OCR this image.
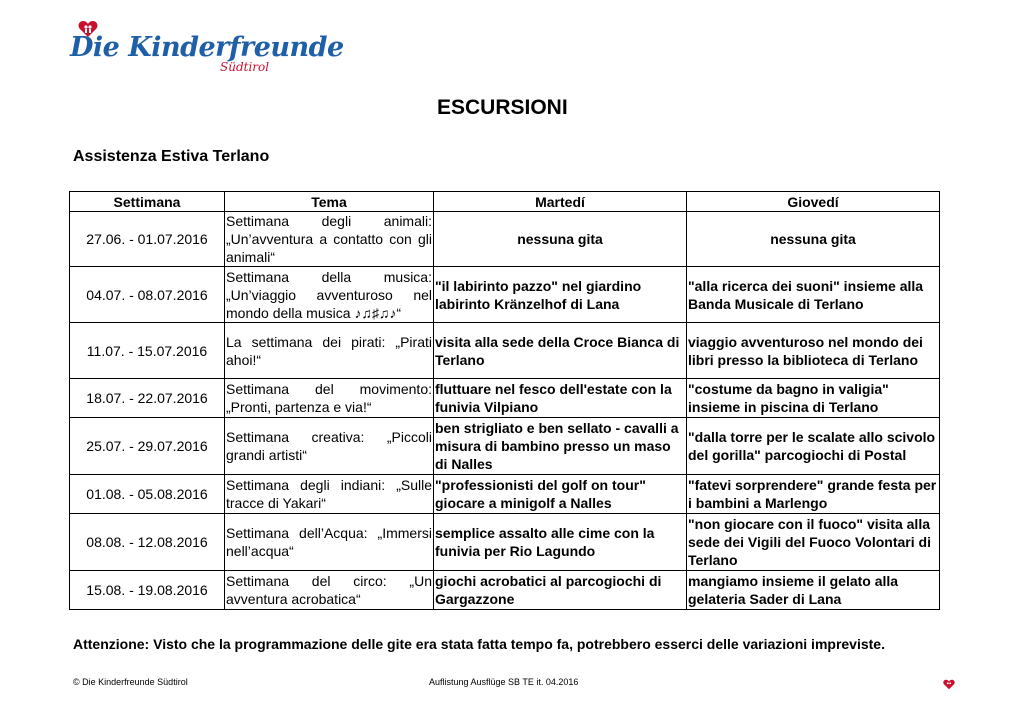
Die Kinderfreunde
Südtirol
ESCURSIONI
Assistenza Estiva Terlano
Settimana	Tema	Martedí	Giovedí
27.06. - 01.07.2016	Settimana degli animali: „Un’avventura a contatto con gli animali“	nessuna gita	nessuna gita
04.07. - 08.07.2016	Settimana della musica: „Un’viaggio avventuroso nel mondo della musica ♪♫♯♫♪“	"il labirinto pazzo" nel giardino labirinto Kränzelhof di Lana	"alla ricerca dei suoni" insieme alla Banda Musicale di Terlano
11.07. - 15.07.2016	La settimana dei pirati: „Pirati ahoi!“	visita alla sede della Croce Bianca di Terlano	viaggio avventuroso nel mondo dei libri presso la biblioteca di Terlano
18.07. - 22.07.2016	Settimana del movimento: „Pronti, partenza e via!“	fluttuare nel fesco dell'estate con la funivia Vilpiano	"costume da bagno in valigia" insieme in piscina di Terlano
25.07. - 29.07.2016	Settimana creativa: „Piccoli grandi artisti“	ben strigliato e ben sellato - cavalli a misura di bambino presso un maso di Nalles	"dalla torre per le scalate allo scivolo del gorilla" parcogiochi di Postal
01.08. - 05.08.2016	Settimana degli indiani: „Sulle tracce di Yakari“	"professionisti del golf on tour" giocare a minigolf a Nalles	"fatevi sorprendere" grande festa per i bambini a Marlengo
08.08. - 12.08.2016	Settimana dell’Acqua: „Immersi nell’acqua“	semplice assalto alle cime con la funivia per Rio Lagundo	"non giocare con il fuoco" visita alla sede dei Vigili del Fuoco Volontari di Terlano
15.08. - 19.08.2016	Settimana del circo: „Un avventura acrobatica“	giochi acrobatici al parcogiochi di Gargazzone	mangiamo insieme il gelato alla gelateria Sader di Lana
Attenzione: Visto che la programmazione delle gite era stata fatta tempo fa, potrebbero esserci delle variazioni impreviste.
© Die Kinderfreunde Südtirol	Auflistung Ausflüge SB TE it. 04.2016
